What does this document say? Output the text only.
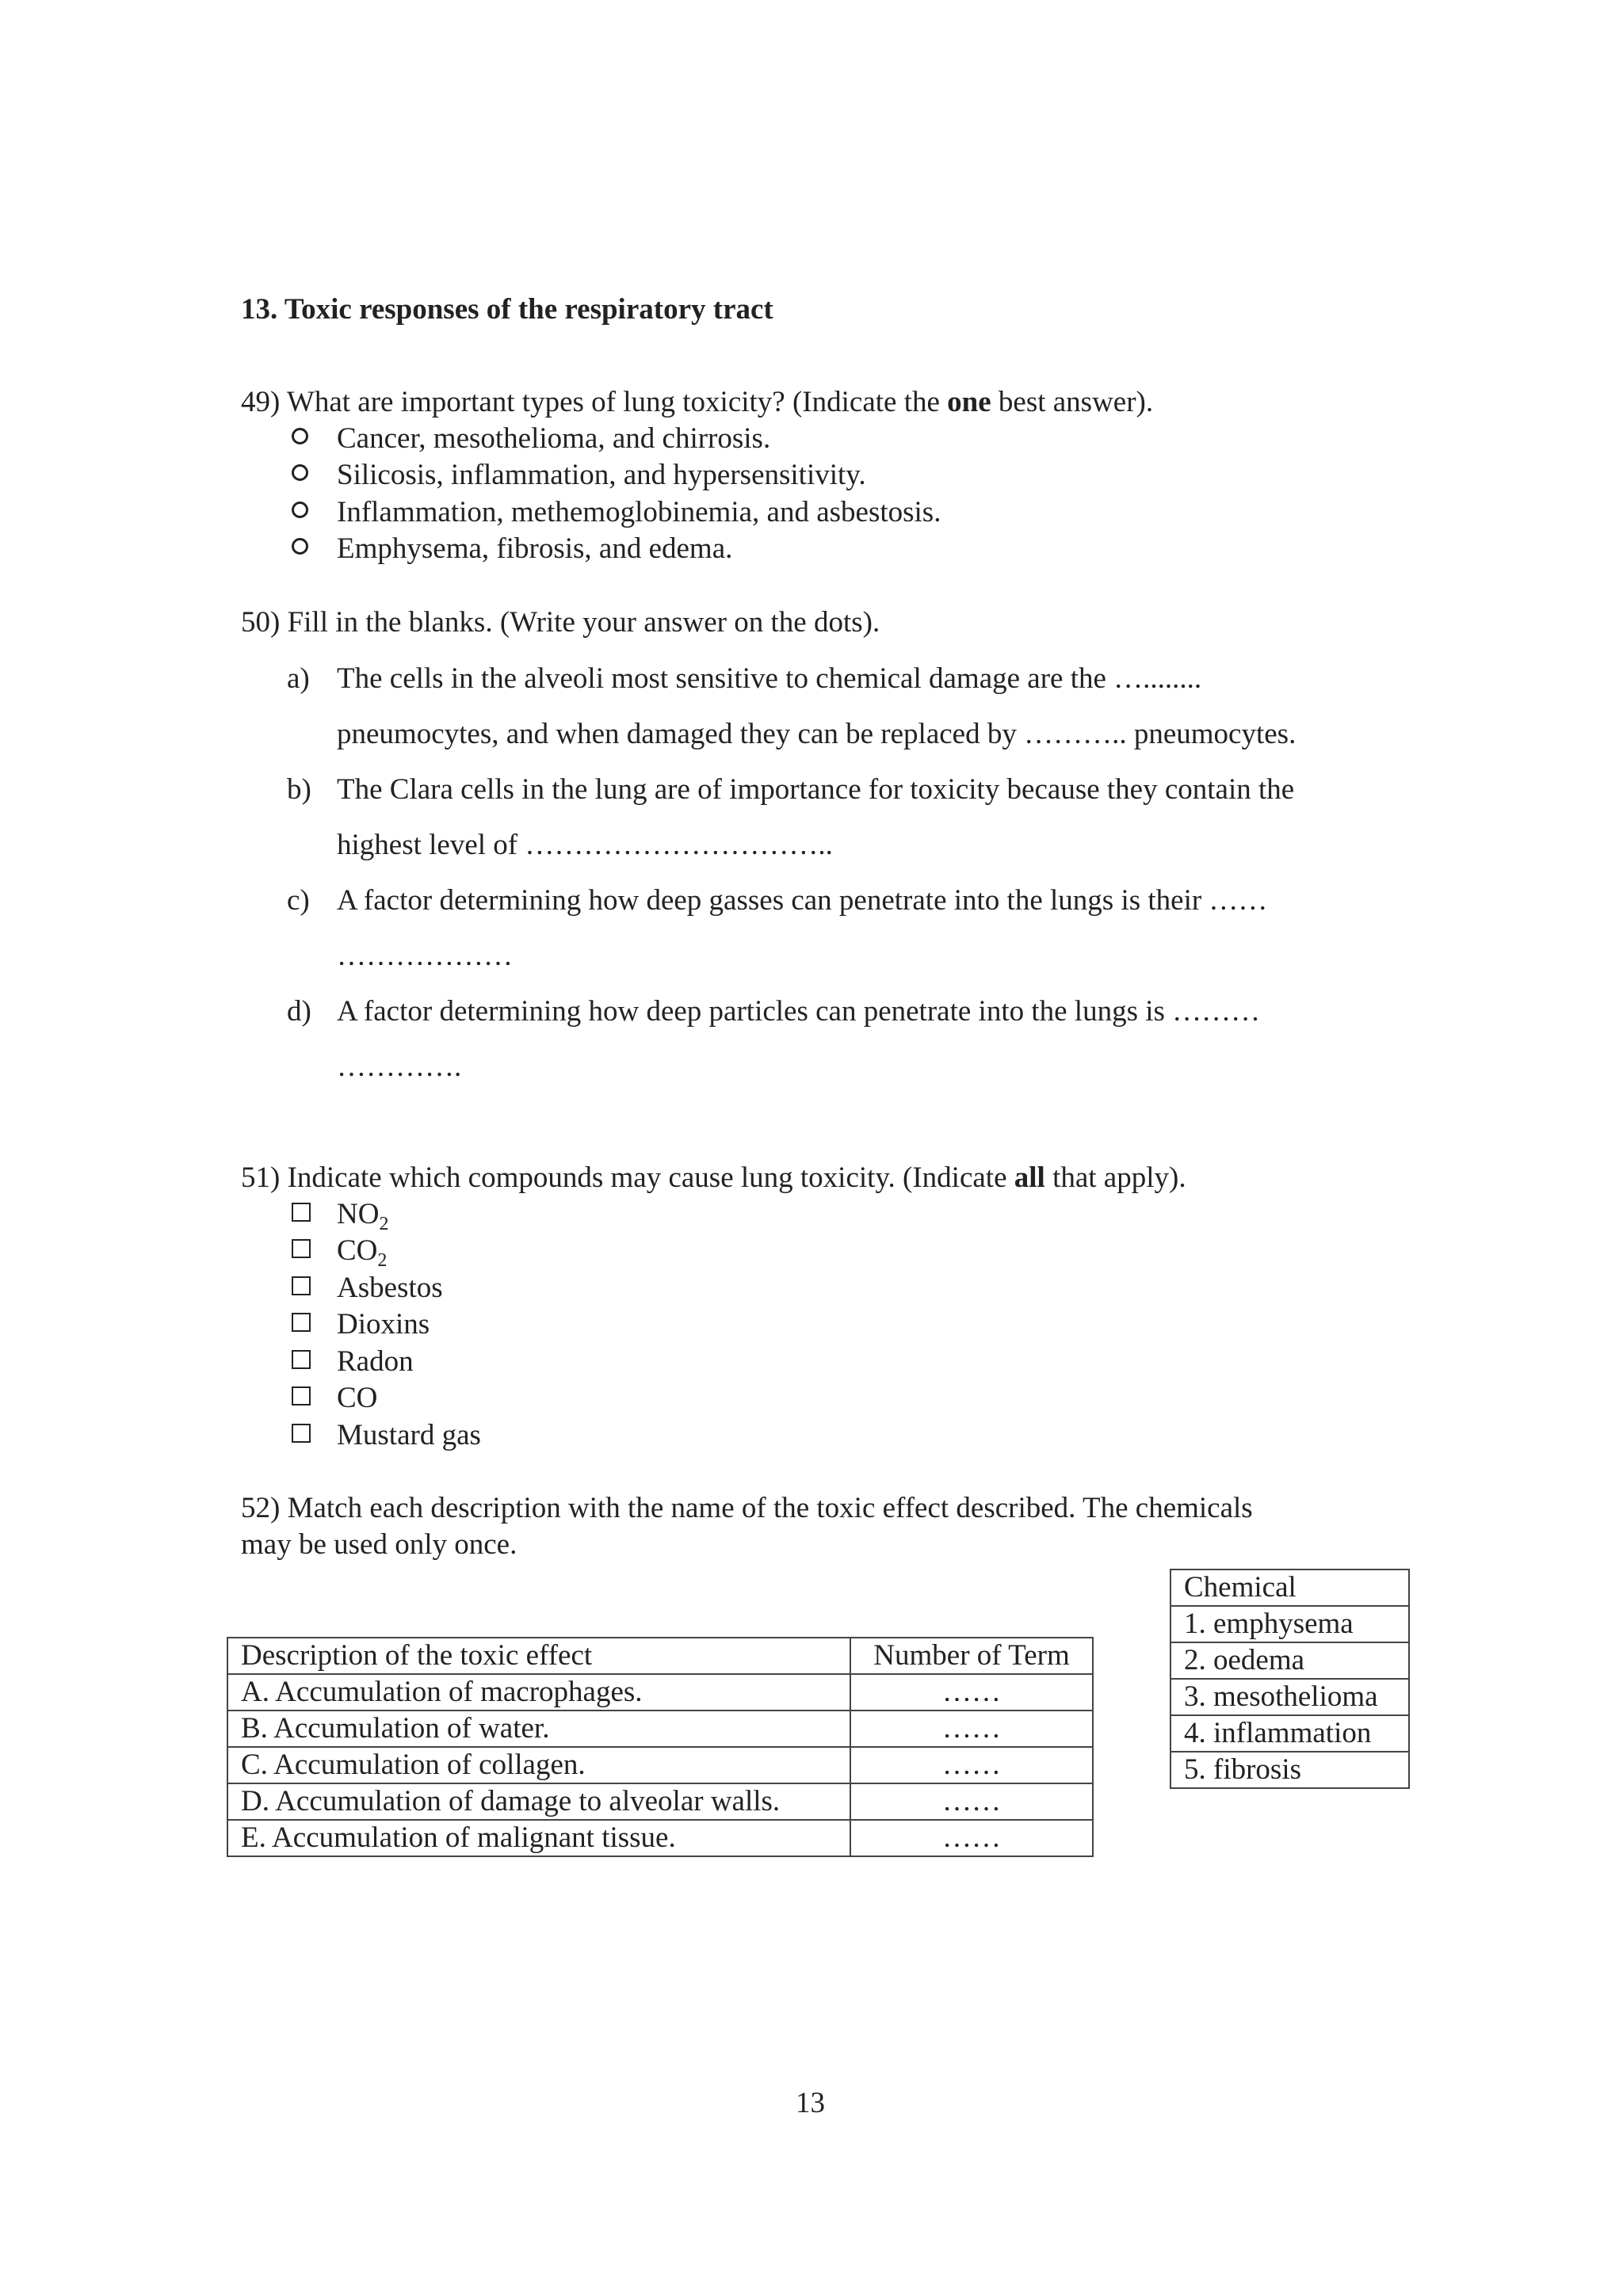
13. Toxic responses of the respiratory tract
49) What are important types of lung toxicity? (Indicate the one best answer).
Cancer, mesothelioma, and chirrosis.
Silicosis, inflammation, and hypersensitivity.
Inflammation, methemoglobinemia, and asbestosis.
Emphysema, fibrosis, and edema.
50) Fill in the blanks. (Write your answer on the dots).
a) The cells in the alveoli most sensitive to chemical damage are the …........
pneumocytes, and when damaged they can be replaced by ……….. pneumocytes.
b) The Clara cells in the lung are of importance for toxicity because they contain the
highest level of …………………………..
c) A factor determining how deep gasses can penetrate into the lungs is their ……
………………
d) A factor determining how deep particles can penetrate into the lungs is ………
………….
51) Indicate which compounds may cause lung toxicity. (Indicate all that apply).
$NO_2$
$CO_2$
Asbestos
Dioxins
Radon
CO
Mustard gas
52) Match each description with the name of the toxic effect described. The chemicals
may be used only once.
Chemical
1. emphysema
2. oedema
3. mesothelioma
4. inflammation
5. fibrosis
Description of the toxic effect	Number of Term
A. Accumulation of macrophages.	……
B. Accumulation of water.	……
C. Accumulation of collagen.	……
D. Accumulation of damage to alveolar walls.	……
E. Accumulation of malignant tissue.	……
13
